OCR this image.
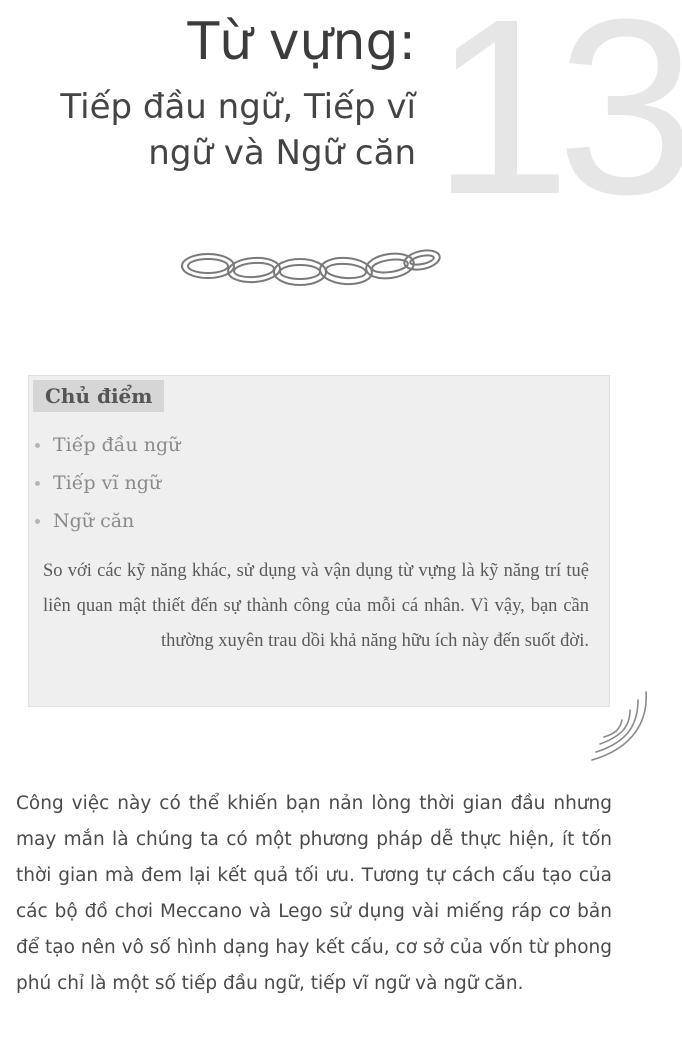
13
Từ vựng:
Tiếp đầu ngữ, Tiếp vĩ
ngữ và Ngữ căn
Chủ điểm
Tiếp đầu ngữ
Tiếp vĩ ngữ
Ngữ căn

So với các kỹ năng khác, sử dụng và vận dụng từ vựng là kỹ năng trí tuệ liên quan mật thiết đến sự thành công của mỗi cá nhân. Vì vậy, bạn cần thường xuyên trau dồi khả năng hữu ích này đến suốt đời.

Công việc này có thể khiến bạn nản lòng thời gian đầu nhưng may mắn là chúng ta có một phương pháp dễ thực hiện, ít tốn thời gian mà đem lại kết quả tối ưu. Tương tự cách cấu tạo của các bộ đồ chơi Meccano và Lego sử dụng vài miếng ráp cơ bản để tạo nên vô số hình dạng hay kết cấu, cơ sở của vốn từ phong phú chỉ là một số tiếp đầu ngữ, tiếp vĩ ngữ và ngữ căn.
